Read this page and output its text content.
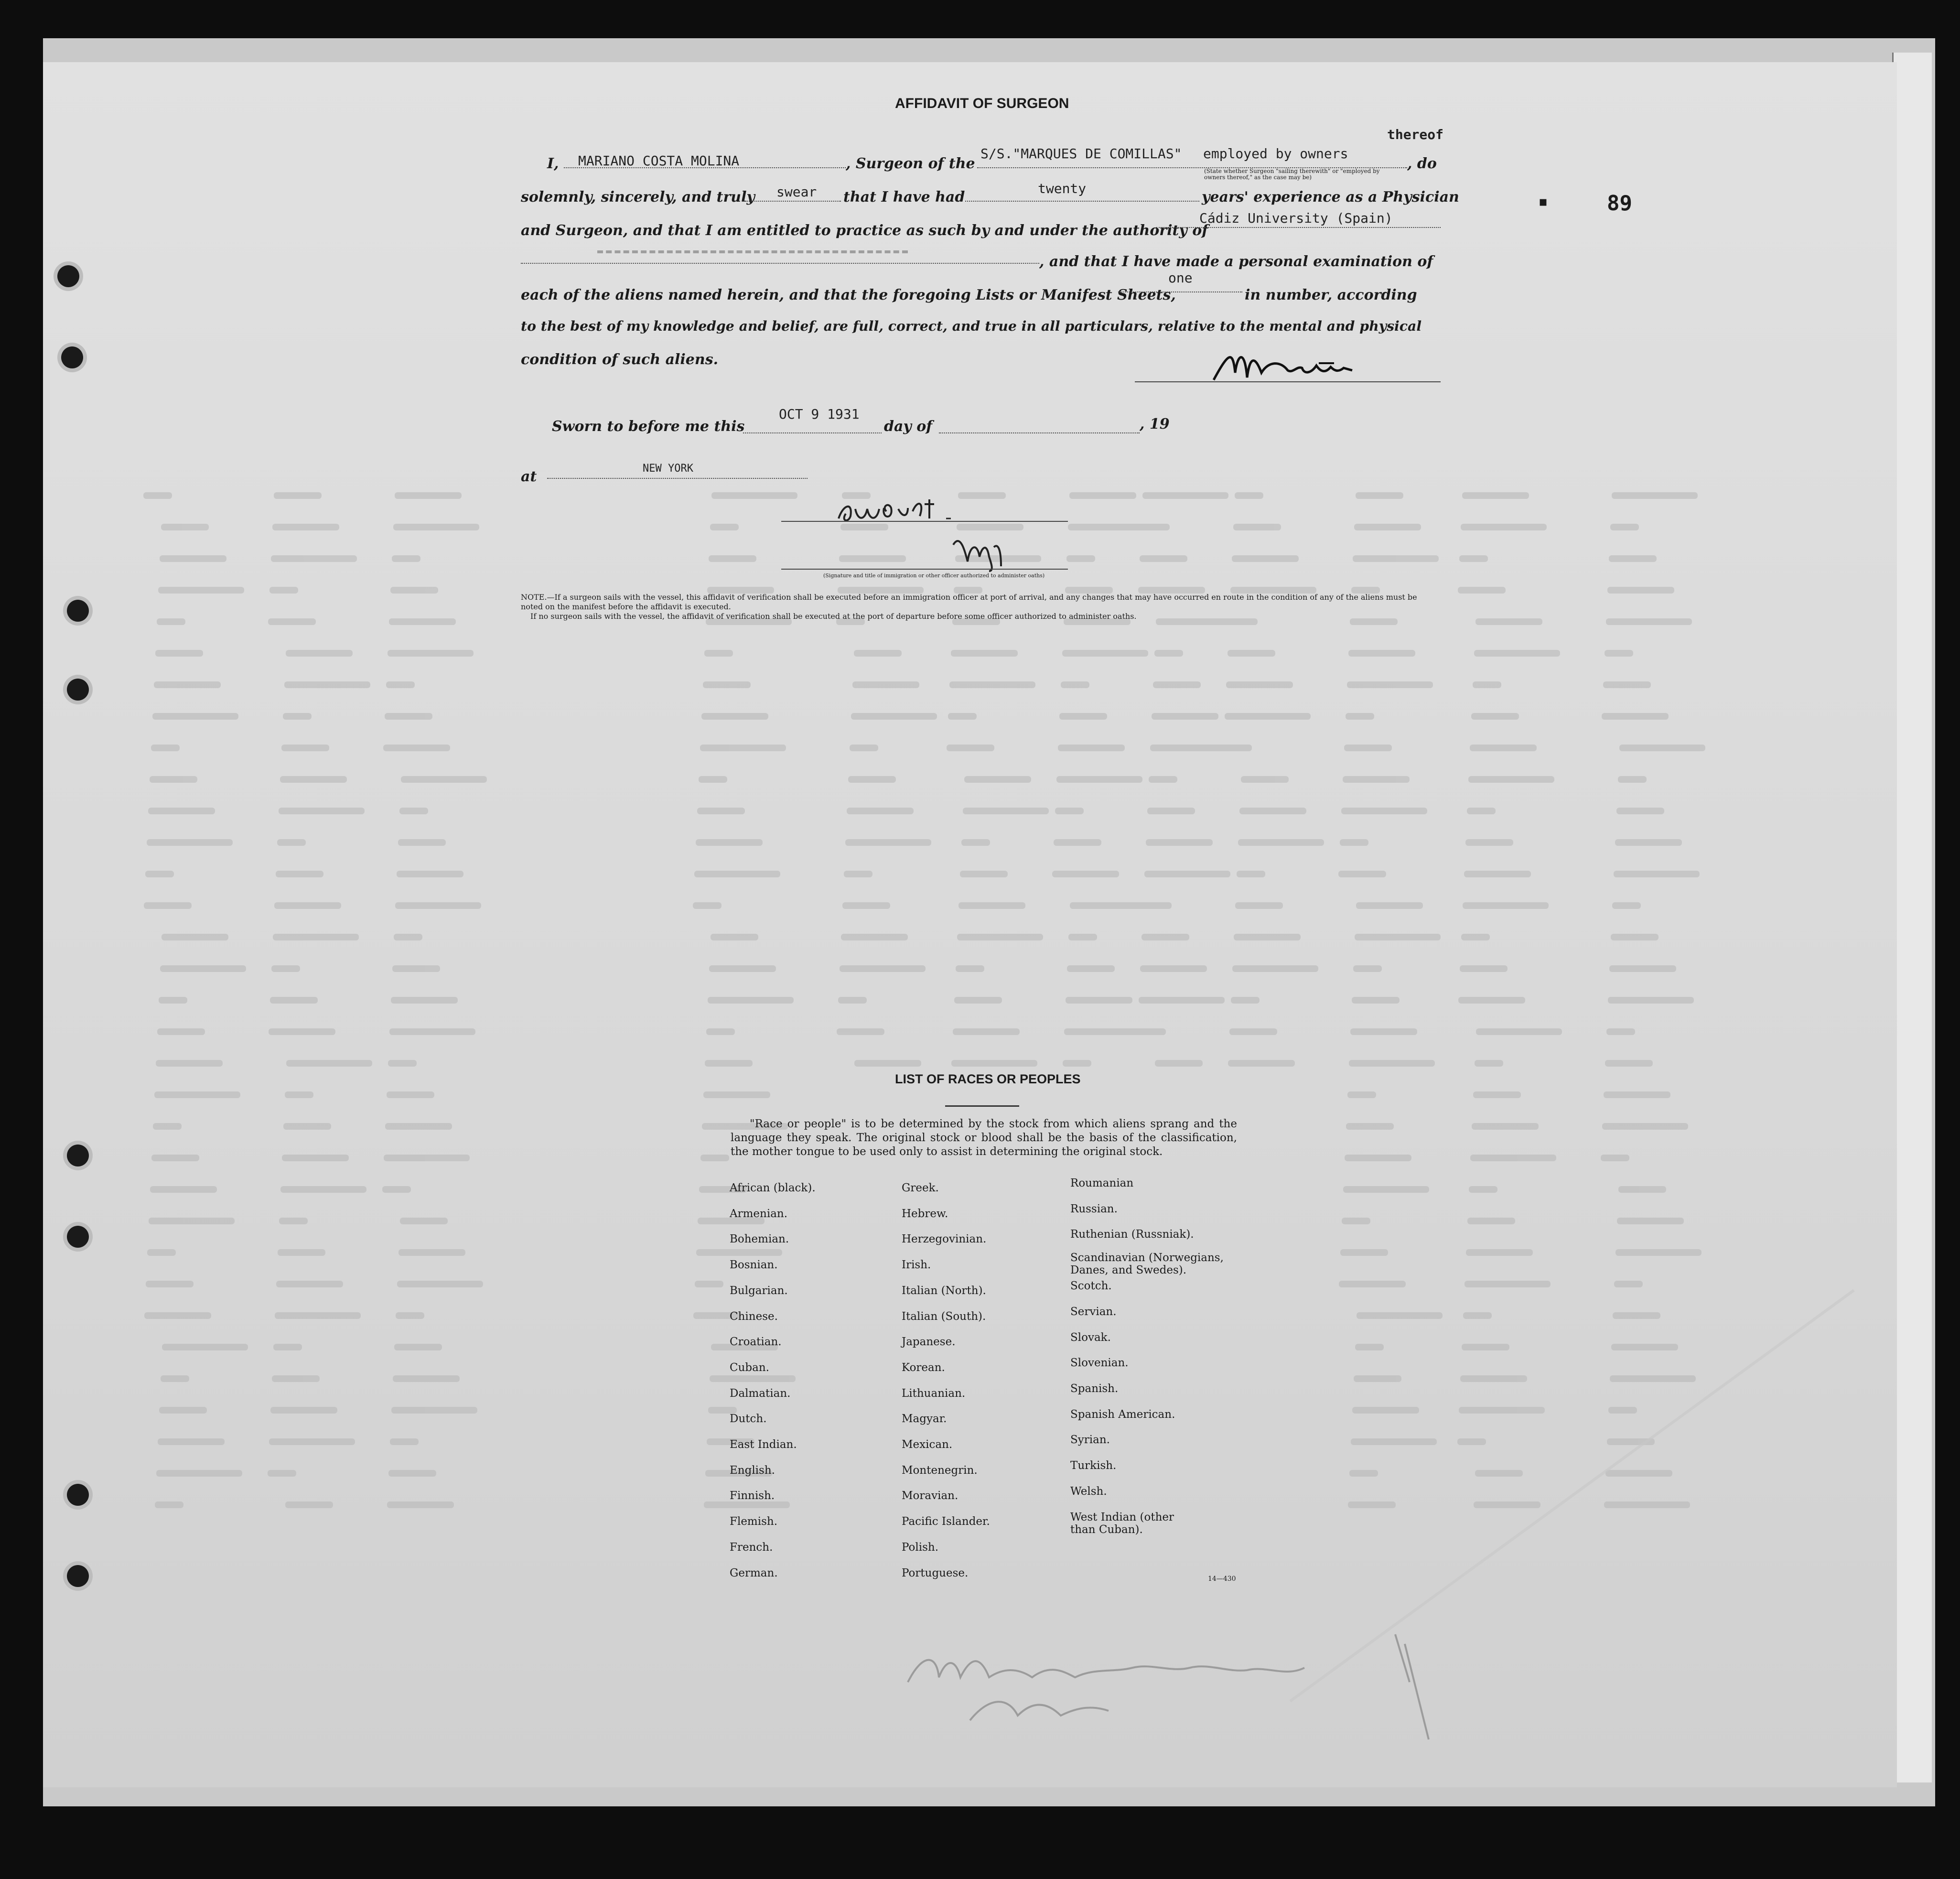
AFFIDAVIT OF SURGEON
thereof
I, MARIANO COSTA MOLINA	, Surgeon of the
S/S."MARQUES DE COMILLAS" employed by owners
, do
(State whether Surgeon "sailing therewith" or "employed by owners thereof," as the case may be)
solemnly, sincerely, and truly swear that I have had
twenty
years' experience as a Physician
and Surgeon, and that I am entitled to practice as such by and under the authority of
Cádiz University (Spain)
, and that I have made a personal examination of
each of the aliens named herein, and that the foregoing Lists or Manifest Sheets,
one
in number, according
to the best of my knowledge and belief, are full, correct, and true in all particulars, relative to the mental and physical
condition of such aliens.
Sworn to before me this
OCT 9 1931
day of	, 19
at	NEW YORK
(Signature and title of immigration or other officer authorized to administer oaths)
NOTE.—If a surgeon sails with the vessel, this affidavit of verification shall be executed before an immigration officer at port of arrival, and any changes that may have occurred en route in the condition of any of the aliens must be noted on the manifest before the affidavit is executed.
If no surgeon sails with the vessel, the affidavit of verification shall be executed at the port of departure before some officer authorized to administer oaths.
89
▪
LIST OF RACES OR PEOPLES
"Race or people" is to be determined by the stock from which aliens sprang and the language they speak. The original stock or blood shall be the basis of the classification, the mother tongue to be used only to assist in determining the original stock.
African (black).
Armenian.
Bohemian.
Bosnian.
Bulgarian.
Chinese.
Croatian.
Cuban.
Dalmatian.
Dutch.
East Indian.
English.
Finnish.
Flemish.
French.
German.
Greek.
Hebrew.
Herzegovinian.
Irish.
Italian (North).
Italian (South).
Japanese.
Korean.
Lithuanian.
Magyar.
Mexican.
Montenegrin.
Moravian.
Pacific Islander.
Polish.
Portuguese.
Roumanian
Russian.
Ruthenian (Russniak).
Scandinavian (Norwegians, Danes, and Swedes).
Scotch.
Servian.
Slovak.
Slovenian.
Spanish.
Spanish American.
Syrian.
Turkish.
Welsh.
West Indian (other than Cuban).
14—430
